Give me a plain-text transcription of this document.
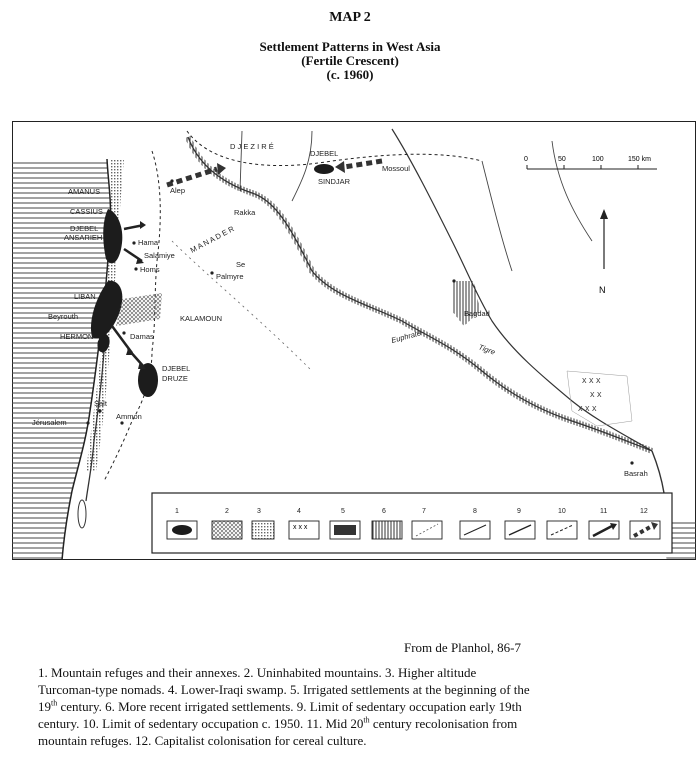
MAP 2
Settlement Patterns in West Asia
(Fertile Crescent)
(c. 1960)
x x x x x x x x
AMANUS
CASSIUS
DJEBEL
ANSARIEH
LIBAN
Beyrouth
HERMON
Alep
Hama
Salamiye
Homs
Palmyre
KALAMOUN
Damas
DJEBEL
DRUZE
Salt
Ammon
Jérusalem
D J E Z I R É
DJEBEL
SINDJAR
Mossoul
Rakka
M A N A D E R
Se
Bagdad
Euphrate
Tigre
Basrah
0	50	100	150 km
N
1	2	3	4	5	6	7	8	9	10	11	12
x x x
From de Planhol, 86-7
1. Mountain refuges and their annexes. 2. Uninhabited mountains. 3. Higher altitude
Turcoman-type nomads. 4. Lower-Iraqi swamp. 5. Irrigated settlements at the beginning of the
19th century. 6. More recent irrigated settlements. 9. Limit of sedentary occupation early 19th
century. 10. Limit of sedentary occupation c. 1950. 11. Mid 20th century recolonisation from
mountain refuges. 12. Capitalist colonisation for cereal culture.
